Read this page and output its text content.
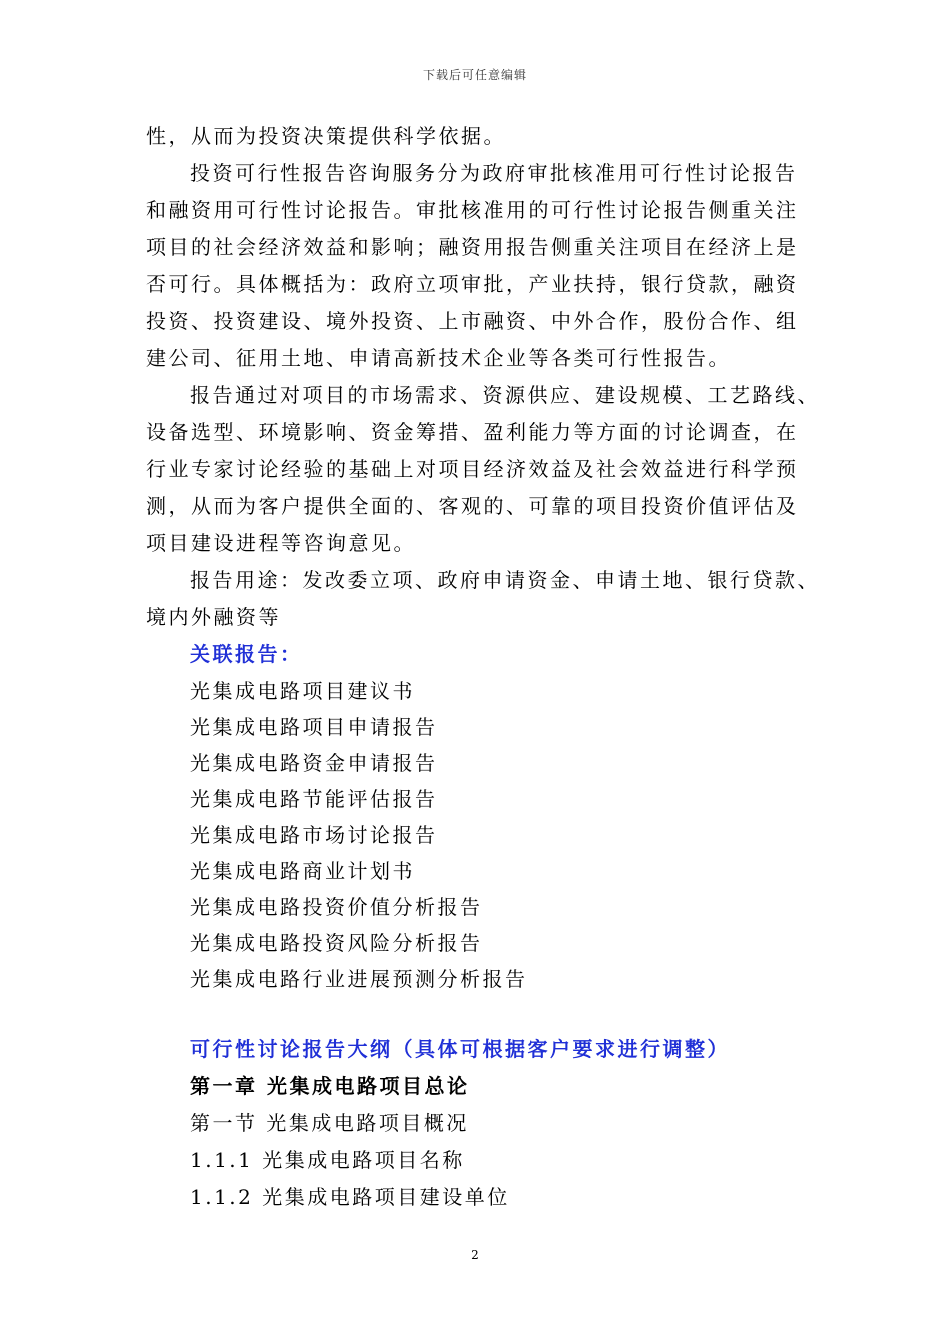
下载后可任意编辑
性，从而为投资决策提供科学依据。
投资可行性报告咨询服务分为政府审批核准用可行性讨论报告
和融资用可行性讨论报告。审批核准用的可行性讨论报告侧重关注
项目的社会经济效益和影响；融资用报告侧重关注项目在经济上是
否可行。具体概括为：政府立项审批，产业扶持，银行贷款，融资
投资、投资建设、境外投资、上市融资、中外合作，股份合作、组
建公司、征用土地、申请高新技术企业等各类可行性报告。
报告通过对项目的市场需求、资源供应、建设规模、工艺路线、
设备选型、环境影响、资金筹措、盈利能力等方面的讨论调查，在
行业专家讨论经验的基础上对项目经济效益及社会效益进行科学预
测，从而为客户提供全面的、客观的、可靠的项目投资价值评估及
项目建设进程等咨询意见。
报告用途：发改委立项、政府申请资金、申请土地、银行贷款、
境内外融资等
关联报告：
光集成电路项目建议书
光集成电路项目申请报告
光集成电路资金申请报告
光集成电路节能评估报告
光集成电路市场讨论报告
光集成电路商业计划书
光集成电路投资价值分析报告
光集成电路投资风险分析报告
光集成电路行业进展预测分析报告
可行性讨论报告大纲（具体可根据客户要求进行调整）
第一章 光集成电路项目总论
第一节 光集成电路项目概况
1.1.1 光集成电路项目名称
1.1.2 光集成电路项目建设单位
2
